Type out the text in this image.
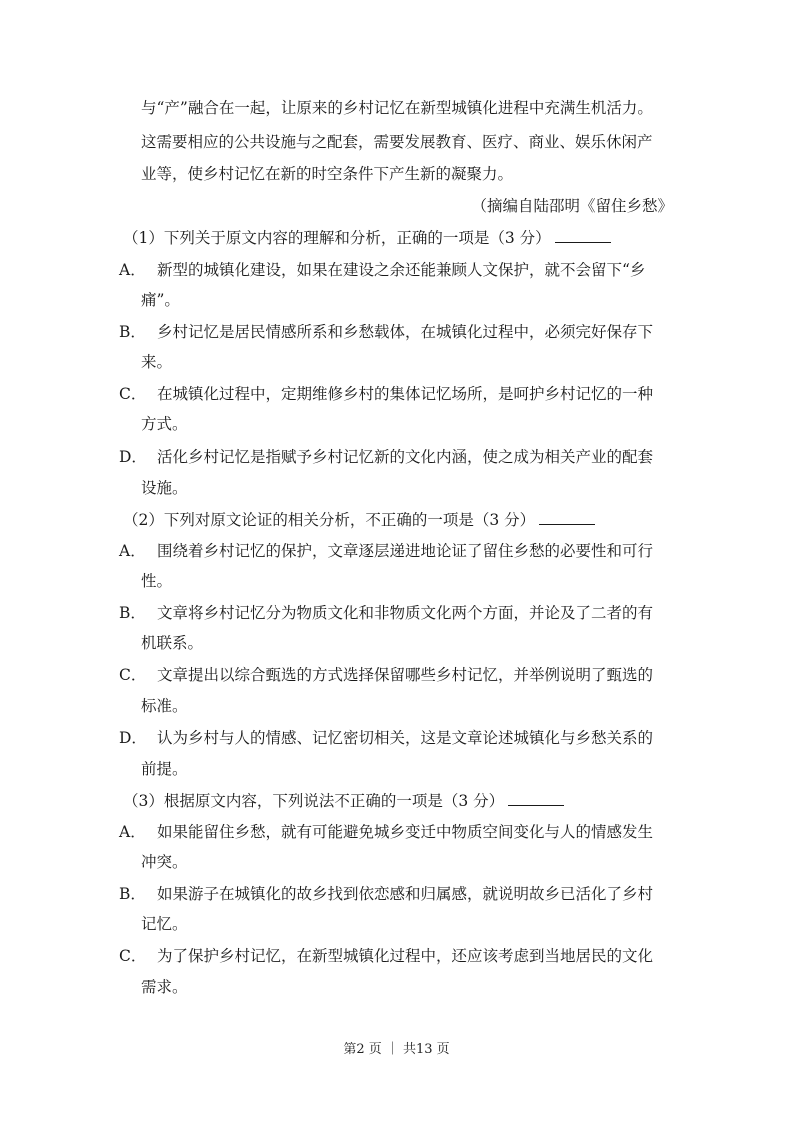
与“产”融合在一起，让原来的乡村记忆在新型城镇化进程中充满生机活力。
这需要相应的公共设施与之配套，需要发展教育、医疗、商业、娱乐休闲产
业等，使乡村记忆在新的时空条件下产生新的凝聚力。
（摘编自陆邵明《留住乡愁》
（1）下列关于原文内容的理解和分析，正确的一项是（3 分）
A． 新型的城镇化建设，如果在建设之余还能兼顾人文保护，就不会留下“乡
痛”。
B． 乡村记忆是居民情感所系和乡愁载体，在城镇化过程中，必须完好保存下
来。
C． 在城镇化过程中，定期维修乡村的集体记忆场所，是呵护乡村记忆的一种
方式。
D． 活化乡村记忆是指赋予乡村记忆新的文化内涵，使之成为相关产业的配套
设施。
（2）下列对原文论证的相关分析，不正确的一项是（3 分）
A． 围绕着乡村记忆的保护，文章逐层递进地论证了留住乡愁的必要性和可行
性。
B． 文章将乡村记忆分为物质文化和非物质文化两个方面，并论及了二者的有
机联系。
C． 文章提出以综合甄选的方式选择保留哪些乡村记忆，并举例说明了甄选的
标准。
D． 认为乡村与人的情感、记忆密切相关，这是文章论述城镇化与乡愁关系的
前提。
（3）根据原文内容，下列说法不正确的一项是（3 分）
A． 如果能留住乡愁，就有可能避免城乡变迁中物质空间变化与人的情感发生
冲突。
B． 如果游子在城镇化的故乡找到依恋感和归属感，就说明故乡已活化了乡村
记忆。
C． 为了保护乡村记忆，在新型城镇化过程中，还应该考虑到当地居民的文化
需求。
第2 页 ｜ 共13 页
